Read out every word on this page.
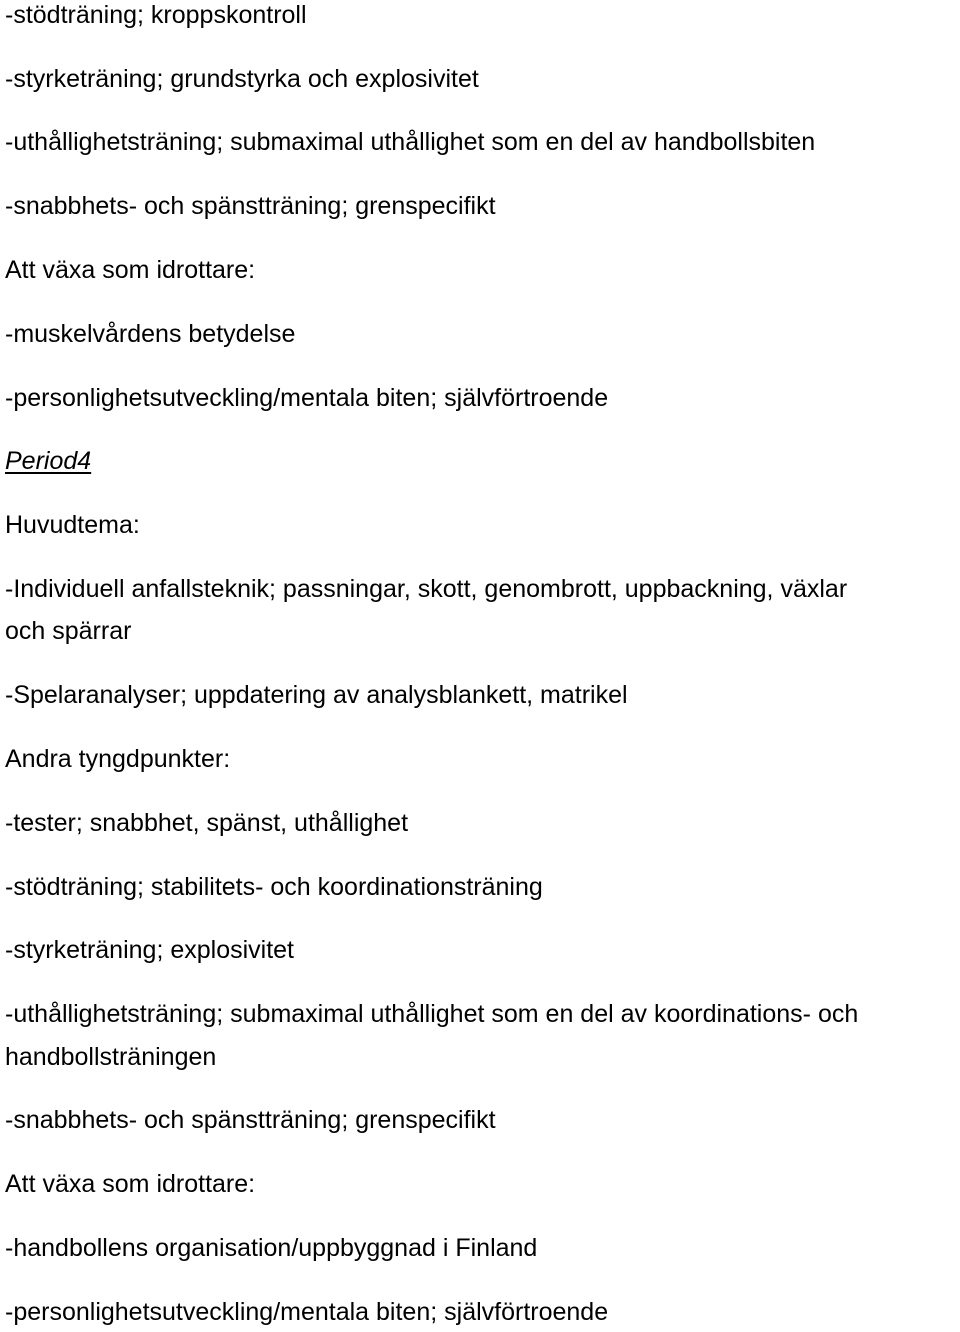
-stödträning; kroppskontroll
-styrketräning; grundstyrka och explosivitet
-uthållighetsträning; submaximal uthållighet som en del av handbollsbiten
-snabbhets- och spänstträning; grenspecifikt
Att växa som idrottare:
-muskelvårdens betydelse
-personlighetsutveckling/mentala biten; självförtroende
Period4
Huvudtema:
-Individuell anfallsteknik; passningar, skott, genombrott, uppbackning, växlar
och spärrar
-Spelaranalyser; uppdatering av analysblankett, matrikel
Andra tyngdpunkter:
-tester; snabbhet, spänst, uthållighet
-stödträning; stabilitets- och koordinationsträning
-styrketräning; explosivitet
-uthållighetsträning; submaximal uthållighet som en del av koordinations- och
handbollsträningen
-snabbhets- och spänstträning; grenspecifikt
Att växa som idrottare:
-handbollens organisation/uppbyggnad i Finland
-personlighetsutveckling/mentala biten; självförtroende
